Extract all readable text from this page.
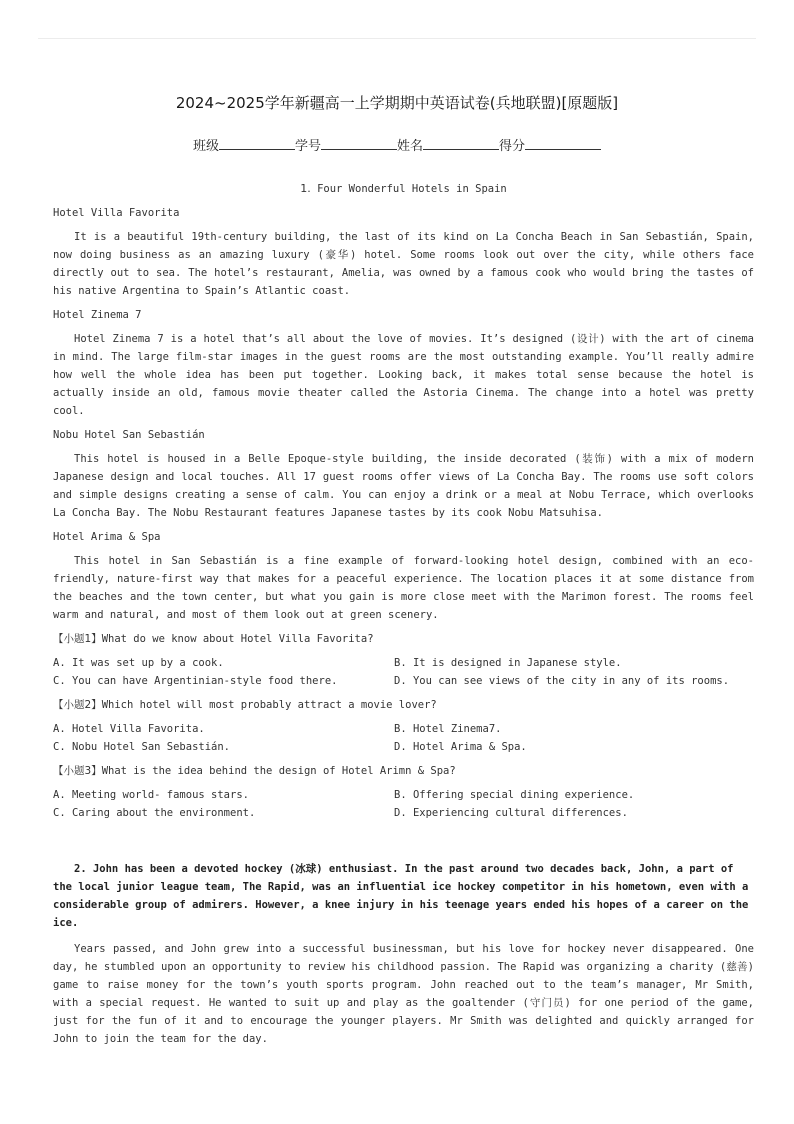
2024~2025学年新疆高一上学期期中英语试卷(兵地联盟)[原题版]
班级	学号	姓名	得分

1. Four Wonderful Hotels in Spain

Hotel Villa Favorita

It is a beautiful 19th-century building, the last of its kind on La Concha Beach in San Sebastián, Spain, now doing business as an amazing luxury (豪华) hotel. Some rooms look out over the city, while others face directly out to sea. The hotel’s restaurant, Amelia, was owned by a famous cook who would bring the tastes of his native Argentina to Spain’s Atlantic coast.

Hotel Zinema 7

Hotel Zinema 7 is a hotel that’s all about the love of movies. It’s designed (设计) with the art of cinema in mind. The large film-star images in the guest rooms are the most outstanding example. You’ll really admire how well the whole idea has been put together. Looking back, it makes total sense because the hotel is actually inside an old, famous movie theater called the Astoria Cinema. The change into a hotel was pretty cool.

Nobu Hotel San Sebastián

This hotel is housed in a Belle Epoque-style building, the inside decorated (装饰) with a mix of modern Japanese design and local touches. All 17 guest rooms offer views of La Concha Bay. The rooms use soft colors and simple designs creating a sense of calm. You can enjoy a drink or a meal at Nobu Terrace, which overlooks La Concha Bay. The Nobu Restaurant features Japanese tastes by its cook Nobu Matsuhisa.

Hotel Arima & Spa

This hotel in San Sebastián is a fine example of forward-looking hotel design, combined with an eco-friendly, nature-first way that makes for a peaceful experience. The location places it at some distance from the beaches and the town center, but what you gain is more close meet with the Marimon forest. The rooms feel warm and natural, and most of them look out at green scenery.

【小题1】What do we know about Hotel Villa Favorita?

A. It was set up by a cook.	B. It is designed in Japanese style.
C. You can have Argentinian-style food there.	D. You can see views of the city in any of its rooms.

【小题2】Which hotel will most probably attract a movie lover?

A. Hotel Villa Favorita.	B. Hotel Zinema7.
C. Nobu Hotel San Sebastián.	D. Hotel Arima & Spa.

【小题3】What is the idea behind the design of Hotel Arimn & Spa?

A. Meeting world- famous stars.	B. Offering special dining experience.
C. Caring about the environment.	D. Experiencing cultural differences.

2. John has been a devoted hockey (冰球) enthusiast. In the past around two decades back, John, a part of the local junior league team, The Rapid, was an influential ice hockey competitor in his hometown, even with a considerable group of admirers. However, a knee injury in his teenage years ended his hopes of a career on the ice.

Years passed, and John grew into a successful businessman, but his love for hockey never disappeared. One day, he stumbled upon an opportunity to review his childhood passion. The Rapid was organizing a charity (慈善) game to raise money for the town’s youth sports program. John reached out to the team’s manager, Mr Smith, with a special request. He wanted to suit up and play as the goaltender (守门员) for one period of the game, just for the fun of it and to encourage the younger players. Mr Smith was delighted and quickly arranged for John to join the team for the day.
